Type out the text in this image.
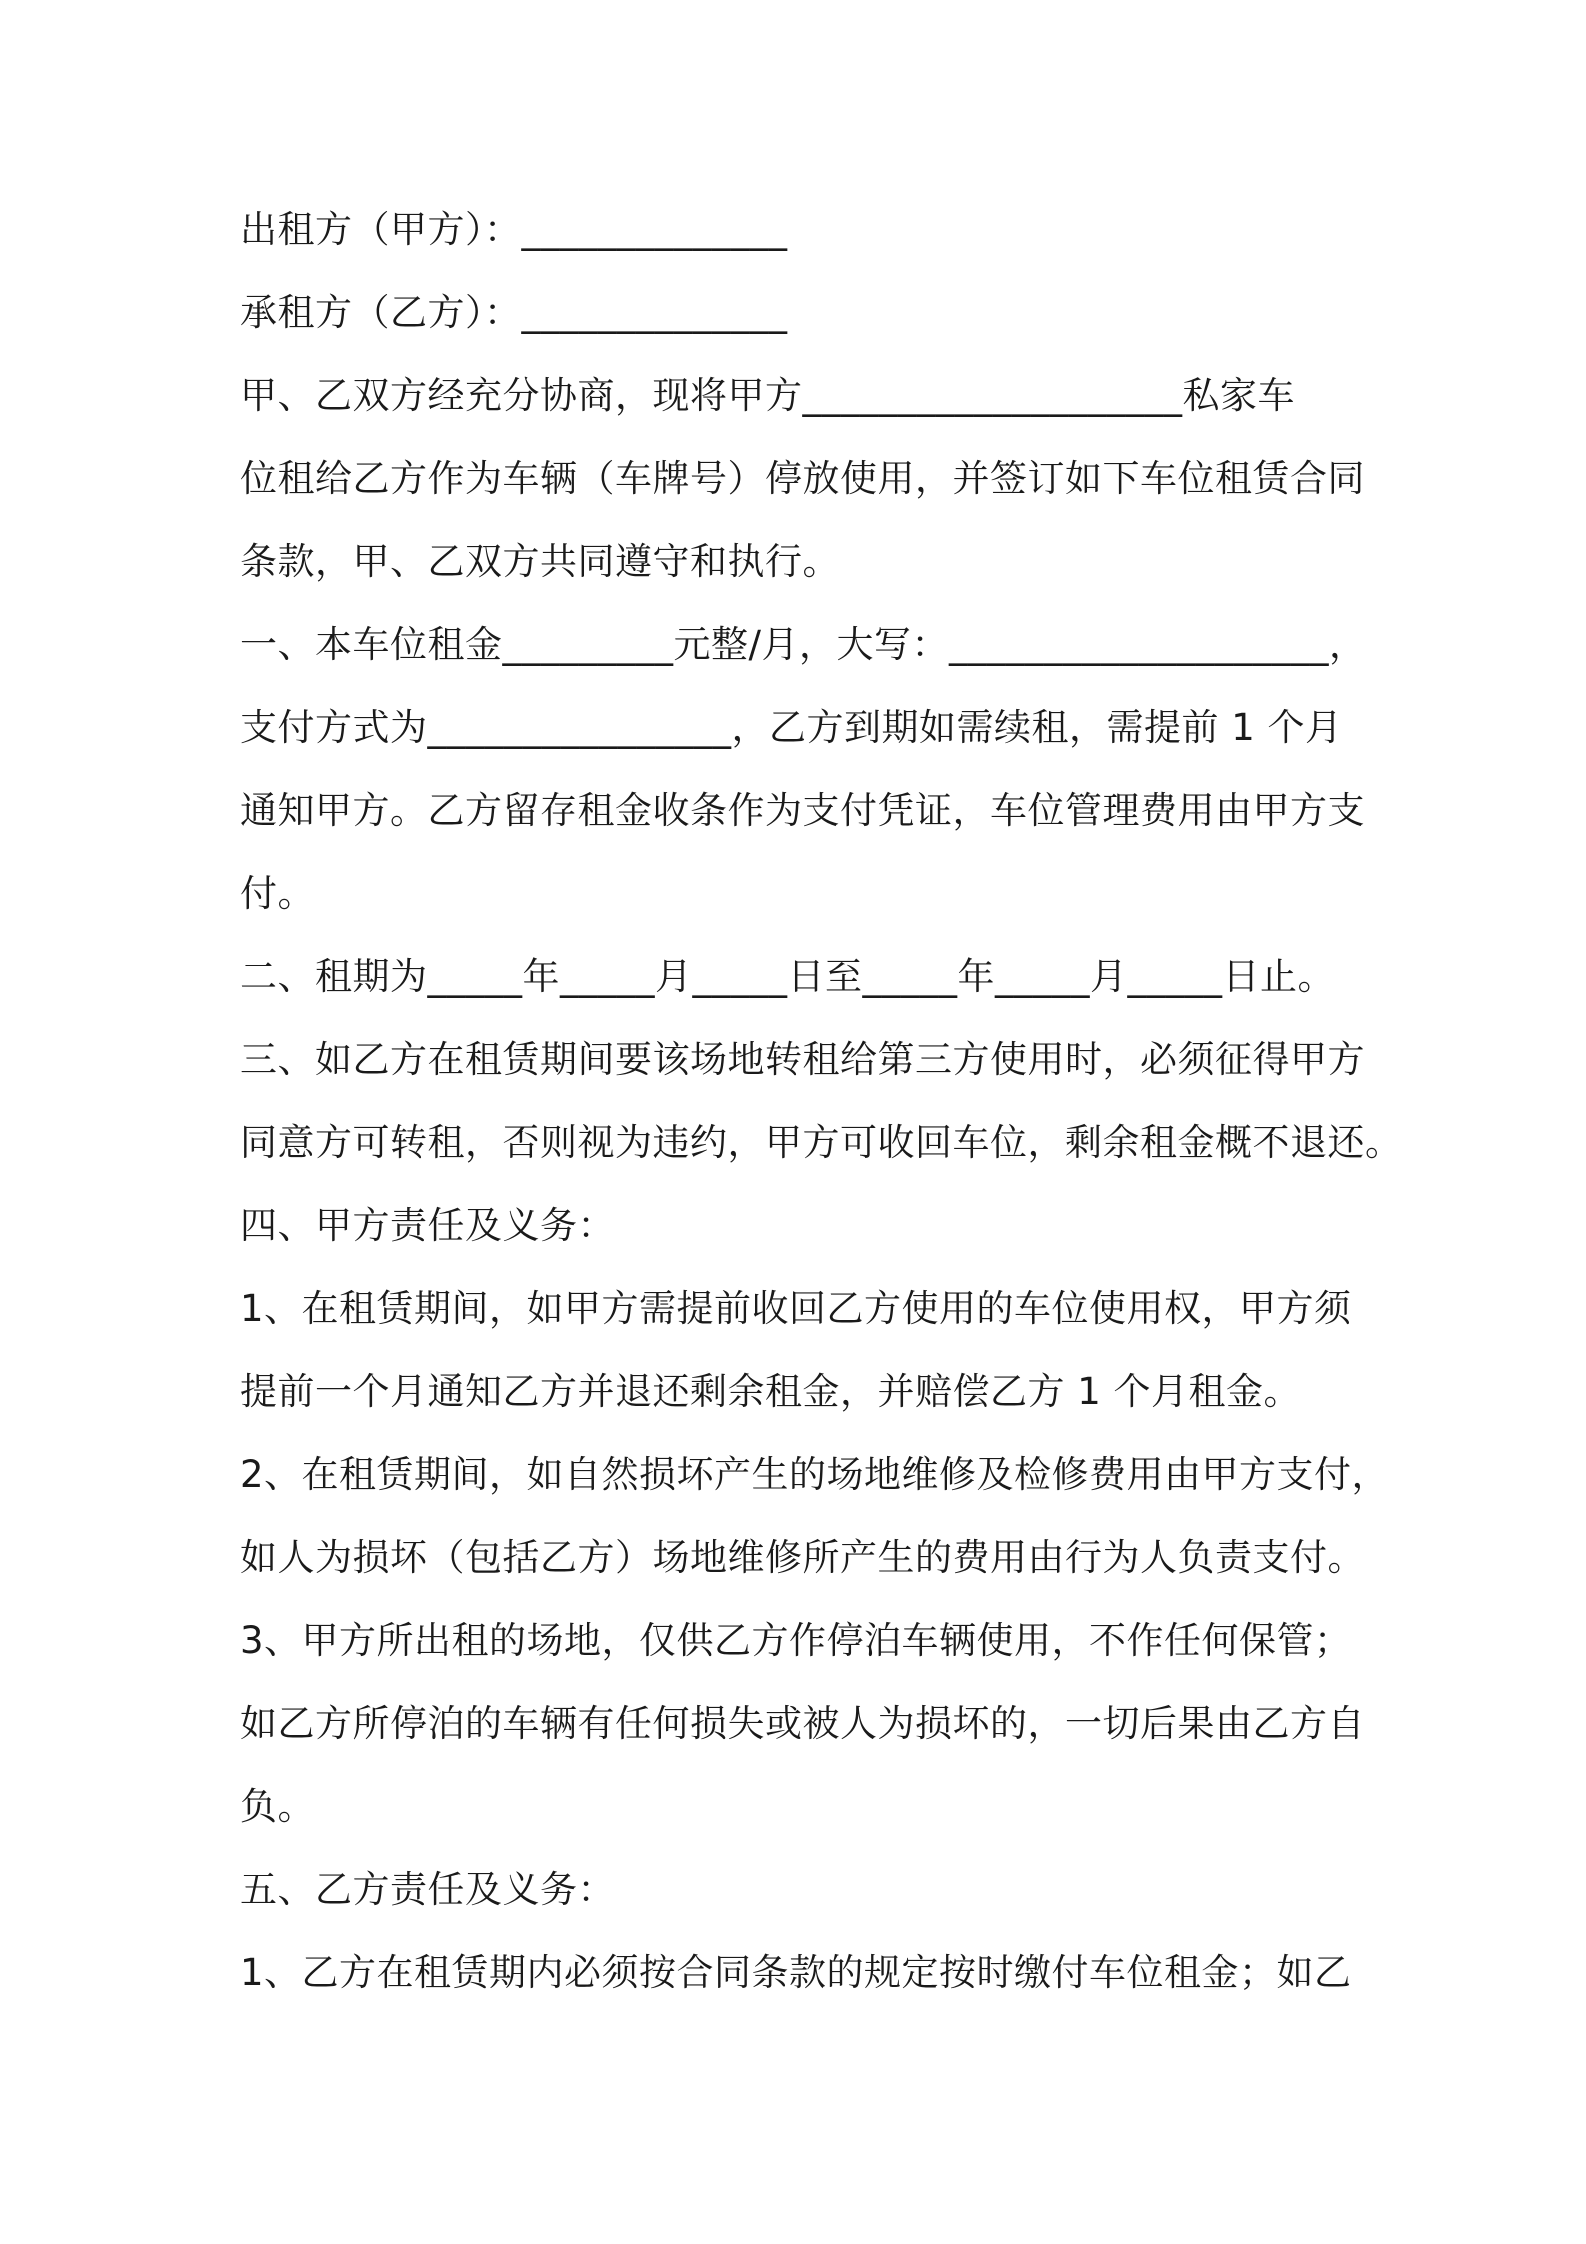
出租方（甲方）：______________

承租方（乙方）：______________

甲、乙双方经充分协商，现将甲方____________________私家车

位租给乙方作为车辆（车牌号）停放使用，并签订如下车位租赁合同

条款，甲、乙双方共同遵守和执行。

一、本车位租金_________元整/月，大写：____________________，

支付方式为________________，乙方到期如需续租，需提前 1 个月

通知甲方。乙方留存租金收条作为支付凭证，车位管理费用由甲方支

付。

二、租期为_____年_____月_____日至_____年_____月_____日止。

三、如乙方在租赁期间要该场地转租给第三方使用时，必须征得甲方

同意方可转租，否则视为违约，甲方可收回车位，剩余租金概不退还。

四、甲方责任及义务：

1、在租赁期间，如甲方需提前收回乙方使用的车位使用权，甲方须

提前一个月通知乙方并退还剩余租金，并赔偿乙方 1 个月租金。

2、在租赁期间，如自然损坏产生的场地维修及检修费用由甲方支付，

如人为损坏（包括乙方）场地维修所产生的费用由行为人负责支付。

3、甲方所出租的场地，仅供乙方作停泊车辆使用，不作任何保管；

如乙方所停泊的车辆有任何损失或被人为损坏的，一切后果由乙方自

负。

五、乙方责任及义务：

1、乙方在租赁期内必须按合同条款的规定按时缴付车位租金；如乙
